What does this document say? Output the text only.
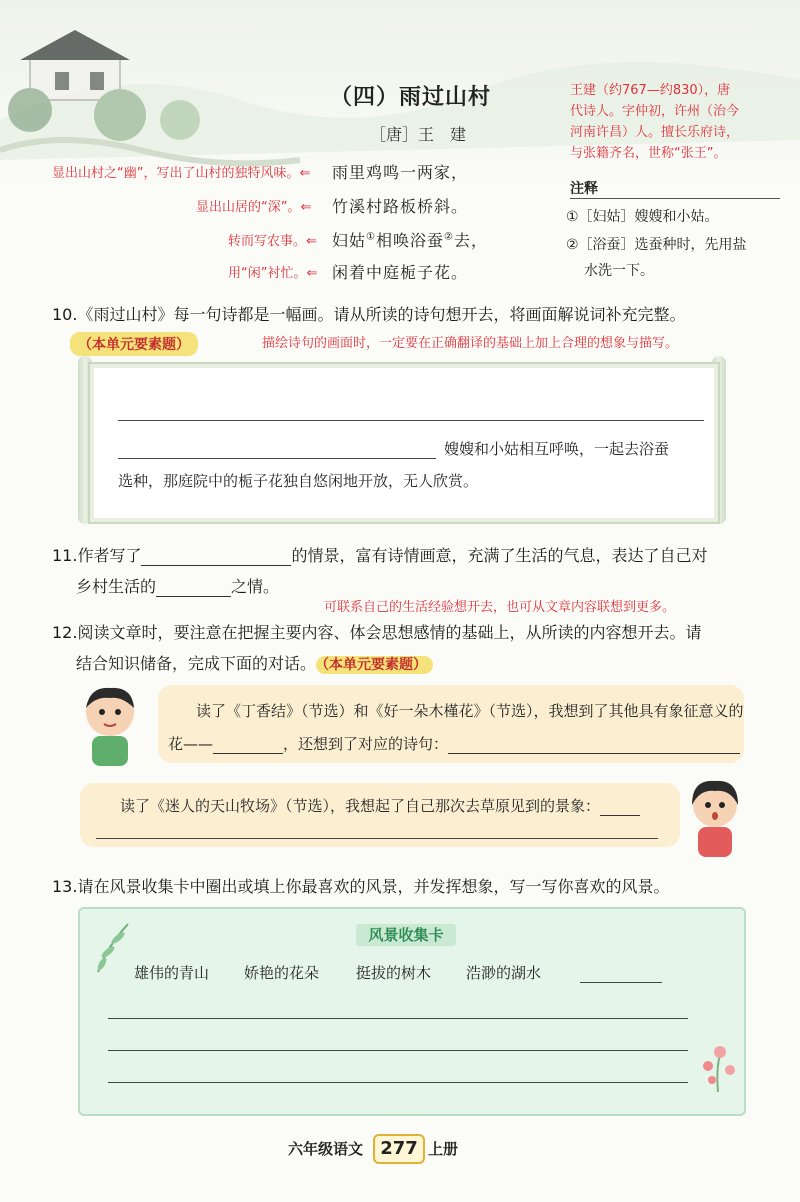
（四）雨过山村
［唐］王　建
显出山村之“幽”，写出了山村的独特风味。⇐ 雨里鸡鸣一两家，
显出山居的“深”。⇐ 竹溪村路板桥斜。
转而写农事。⇐ 妇姑①相唤浴蚕②去，
用“闲”衬忙。⇐ 闲着中庭栀子花。
王建（约767—约830），唐
代诗人。字仲初，许州（治今
河南许昌）人。擅长乐府诗，
与张籍齐名，世称“张王”。
注释
①［妇姑］嫂嫂和小姑。
②［浴蚕］选蚕种时，先用盐
水洗一下。
10.《雨过山村》每一句诗都是一幅画。请从所读的诗句想开去，将画面解说词补充完整。
（本单元要素题）	描绘诗句的画面时，一定要在正确翻译的基础上加上合理的想象与描写。
嫂嫂和小姑相互呼唤，一起去浴蚕
选种，那庭院中的栀子花独自悠闲地开放，无人欣赏。
11.作者写了	的情景，富有诗情画意，充满了生活的气息，表达了自己对
乡村生活的	之情。
可联系自己的生活经验想开去，也可从文章内容联想到更多。
12.阅读文章时，要注意在把握主要内容、体会思想感情的基础上，从所读的内容想开去。请
结合知识储备，完成下面的对话。 （本单元要素题）
读了《丁香结》（节选）和《好一朵木槿花》（节选），我想到了其他具有象征意义的
花——	，还想到了对应的诗句：
读了《迷人的天山牧场》（节选），我想起了自己那次去草原见到的景象：
13.请在风景收集卡中圈出或填上你最喜欢的风景，并发挥想象，写一写你喜欢的风景。
风景收集卡
雄伟的青山 娇艳的花朵 挺拔的树木 浩渺的湖水
六年级语文 277 上册
